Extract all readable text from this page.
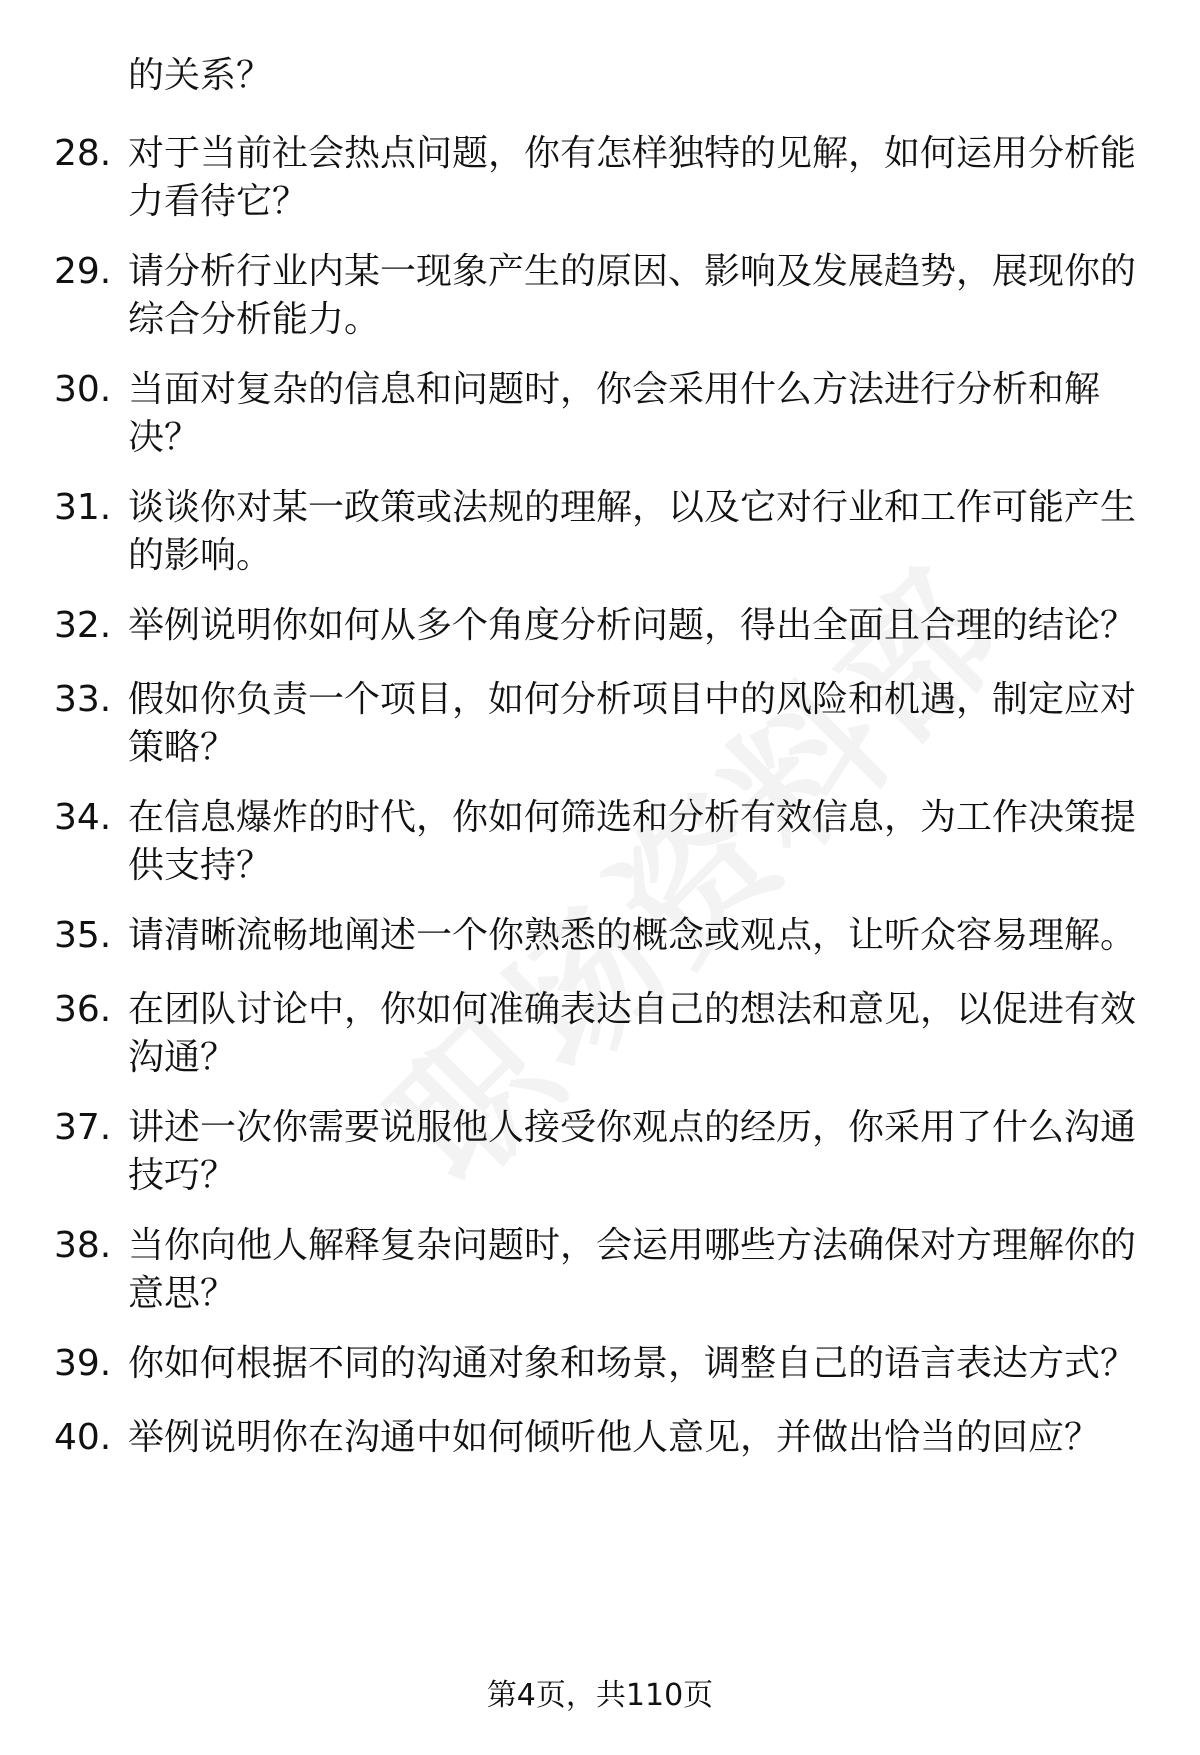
的关系？
28. 对于当前社会热点问题，你有怎样独特的见解，如何运用分析能
力看待它？
29. 请分析行业内某一现象产生的原因、影响及发展趋势，展现你的
综合分析能力。
30. 当面对复杂的信息和问题时，你会采用什么方法进行分析和解
决？
31. 谈谈你对某一政策或法规的理解，以及它对行业和工作可能产生
的影响。
32. 举例说明你如何从多个角度分析问题，得出全面且合理的结论？
33. 假如你负责一个项目，如何分析项目中的风险和机遇，制定应对
策略？
34. 在信息爆炸的时代，你如何筛选和分析有效信息，为工作决策提
供支持？
35. 请清晰流畅地阐述一个你熟悉的概念或观点，让听众容易理解。
36. 在团队讨论中，你如何准确表达自己的想法和意见，以促进有效
沟通？
37. 讲述一次你需要说服他人接受你观点的经历，你采用了什么沟通
技巧？
38. 当你向他人解释复杂问题时，会运用哪些方法确保对方理解你的
意思？
39. 你如何根据不同的沟通对象和场景，调整自己的语言表达方式？
40. 举例说明你在沟通中如何倾听他人意见，并做出恰当的回应？
第4页，共110页
